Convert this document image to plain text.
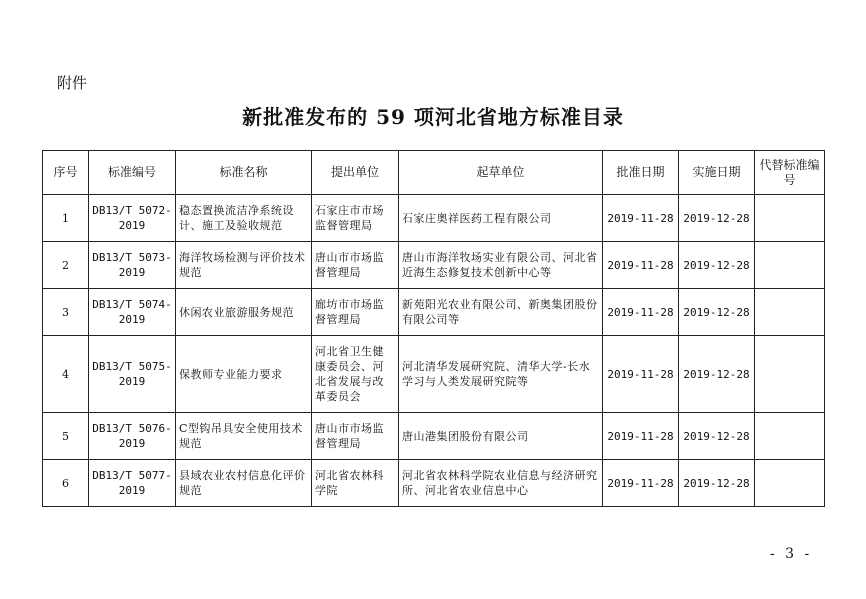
附件
新批准发布的 59 项河北省地方标准目录
序号	标准编号	标准名称	提出单位	起草单位	批准日期	实施日期	代替标准编号
1	DB13/T 5072-2019	稳态置换流洁净系统设计、施工及验收规范	石家庄市市场监督管理局	石家庄奥祥医药工程有限公司	2019-11-28	2019-12-28	
2	DB13/T 5073-2019	海洋牧场检测与评价技术规范	唐山市市场监督管理局	唐山市海洋牧场实业有限公司、河北省近海生态修复技术创新中心等	2019-11-28	2019-12-28	
3	DB13/T 5074-2019	休闲农业旅游服务规范	廊坊市市场监督管理局	新苑阳光农业有限公司、新奥集团股份有限公司等	2019-11-28	2019-12-28	
4	DB13/T 5075-2019	保教师专业能力要求	河北省卫生健康委员会、河北省发展与改革委员会	河北清华发展研究院、清华大学-长水学习与人类发展研究院等	2019-11-28	2019-12-28	
5	DB13/T 5076-2019	C型钩吊具安全使用技术规范	唐山市市场监督管理局	唐山港集团股份有限公司	2019-11-28	2019-12-28	
6	DB13/T 5077-2019	县域农业农村信息化评价规范	河北省农林科学院	河北省农林科学院农业信息与经济研究所、河北省农业信息中心	2019-11-28	2019-12-28	
- 3 -
